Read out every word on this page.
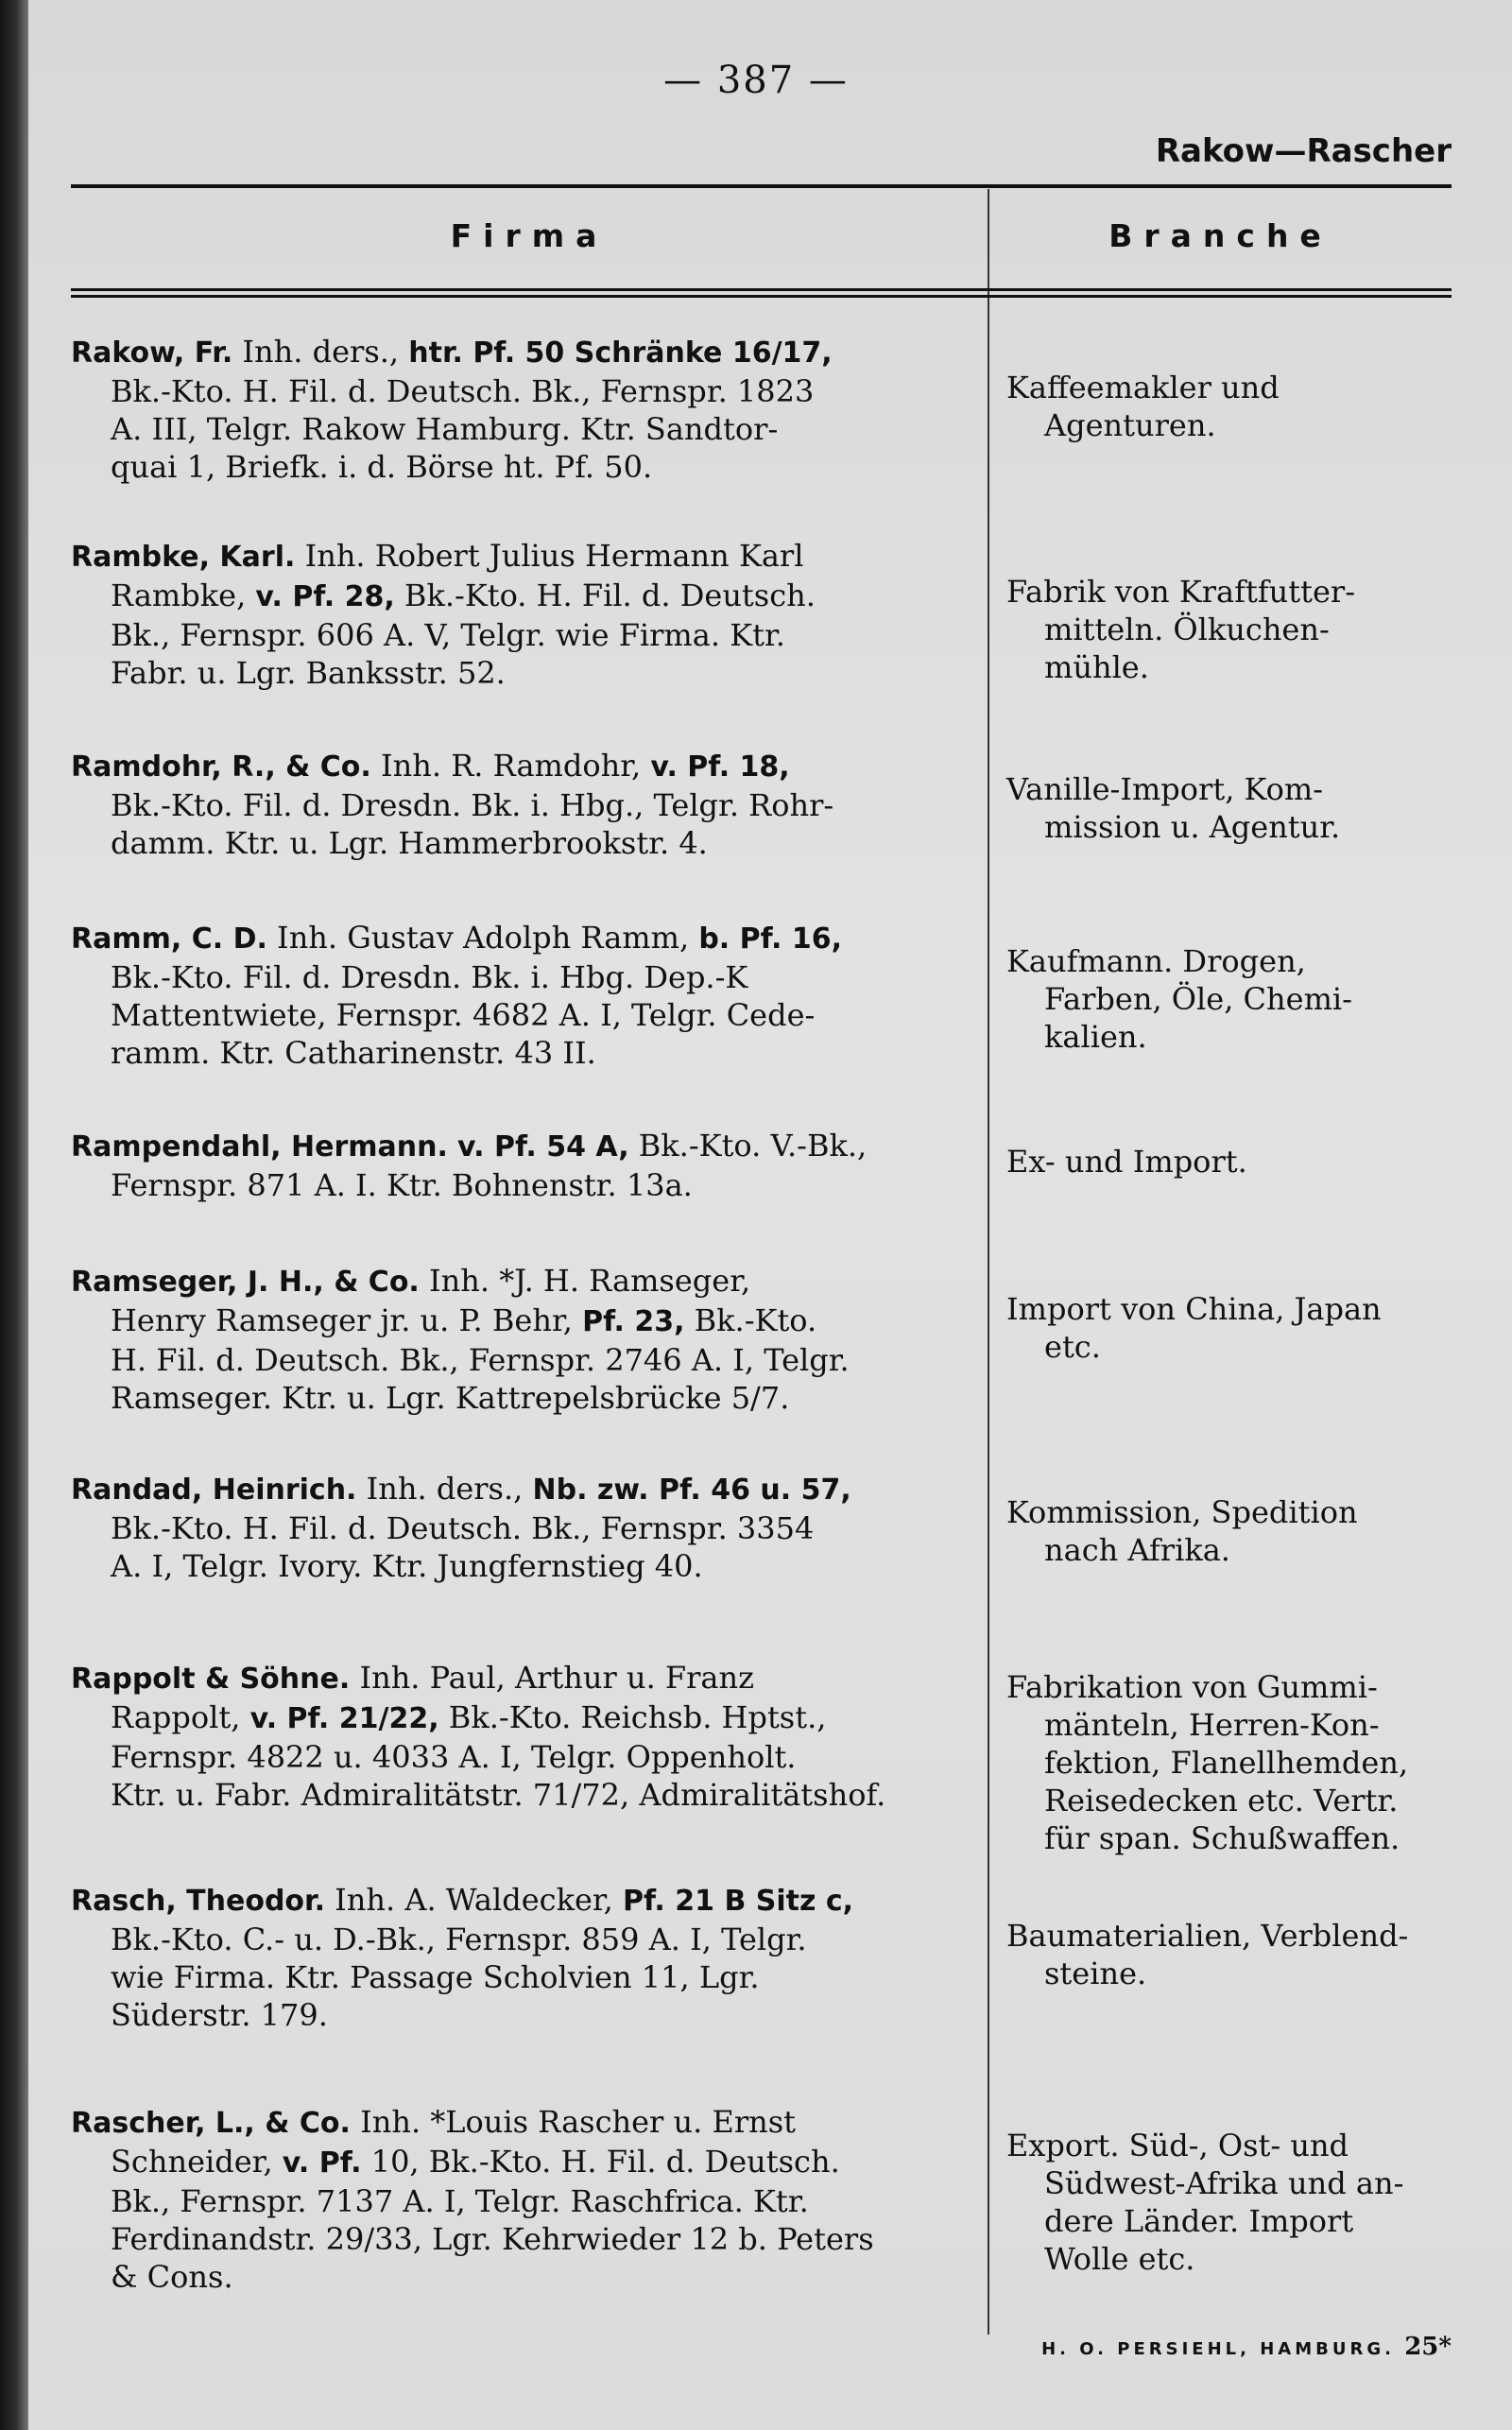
— 387 —
Rakow—Rascher
Firma	Branche
Rakow, Fr. Inh. ders., htr. Pf. 50 Schränke 16/17,
Bk.-Kto. H. Fil. d. Deutsch. Bk., Fernspr. 1823
A. III, Telgr. Rakow Hamburg. Ktr. Sandtor-
quai 1, Briefk. i. d. Börse ht. Pf. 50.
Kaffeemakler und
Agenturen.
Rambke, Karl. Inh. Robert Julius Hermann Karl
Rambke, v. Pf. 28, Bk.-Kto. H. Fil. d. Deutsch.
Bk., Fernspr. 606 A. V, Telgr. wie Firma. Ktr.
Fabr. u. Lgr. Banksstr. 52.
Fabrik von Kraftfutter-
mitteln. Ölkuchen-
mühle.
Ramdohr, R., & Co. Inh. R. Ramdohr, v. Pf. 18,
Bk.-Kto. Fil. d. Dresdn. Bk. i. Hbg., Telgr. Rohr-
damm. Ktr. u. Lgr. Hammerbrookstr. 4.
Vanille-Import, Kom-
mission u. Agentur.
Ramm, C. D. Inh. Gustav Adolph Ramm, b. Pf. 16,
Bk.-Kto. Fil. d. Dresdn. Bk. i. Hbg. Dep.-K
Mattentwiete, Fernspr. 4682 A. I, Telgr. Cede-
ramm. Ktr. Catharinenstr. 43 II.
Kaufmann. Drogen,
Farben, Öle, Chemi-
kalien.
Rampendahl, Hermann. v. Pf. 54 A, Bk.-Kto. V.-Bk.,
Fernspr. 871 A. I. Ktr. Bohnenstr. 13a.
Ex- und Import.
Ramseger, J. H., & Co. Inh. *J. H. Ramseger,
Henry Ramseger jr. u. P. Behr, Pf. 23, Bk.-Kto.
H. Fil. d. Deutsch. Bk., Fernspr. 2746 A. I, Telgr.
Ramseger. Ktr. u. Lgr. Kattrepelsbrücke 5/7.
Import von China, Japan
etc.
Randad, Heinrich. Inh. ders., Nb. zw. Pf. 46 u. 57,
Bk.-Kto. H. Fil. d. Deutsch. Bk., Fernspr. 3354
A. I, Telgr. Ivory. Ktr. Jungfernstieg 40.
Kommission, Spedition
nach Afrika.
Rappolt & Söhne. Inh. Paul, Arthur u. Franz
Rappolt, v. Pf. 21/22, Bk.-Kto. Reichsb. Hptst.,
Fernspr. 4822 u. 4033 A. I, Telgr. Oppenholt.
Ktr. u. Fabr. Admiralitätstr. 71/72, Admiralitätshof.
Fabrikation von Gummi-
mänteln, Herren-Kon-
fektion, Flanellhemden,
Reisedecken etc. Vertr.
für span. Schußwaffen.
Rasch, Theodor. Inh. A. Waldecker, Pf. 21 B Sitz c,
Bk.-Kto. C.- u. D.-Bk., Fernspr. 859 A. I, Telgr.
wie Firma. Ktr. Passage Scholvien 11, Lgr.
Süderstr. 179.
Baumaterialien, Verblend-
steine.
Rascher, L., & Co. Inh. *Louis Rascher u. Ernst
Schneider, v. Pf. 10, Bk.-Kto. H. Fil. d. Deutsch.
Bk., Fernspr. 7137 A. I, Telgr. Raschfrica. Ktr.
Ferdinandstr. 29/33, Lgr. Kehrwieder 12 b. Peters
& Cons.
Export. Süd-, Ost- und
Südwest-Afrika und an-
dere Länder. Import
Wolle etc.
H. O. PERSIEHL, HAMBURG. 25*
